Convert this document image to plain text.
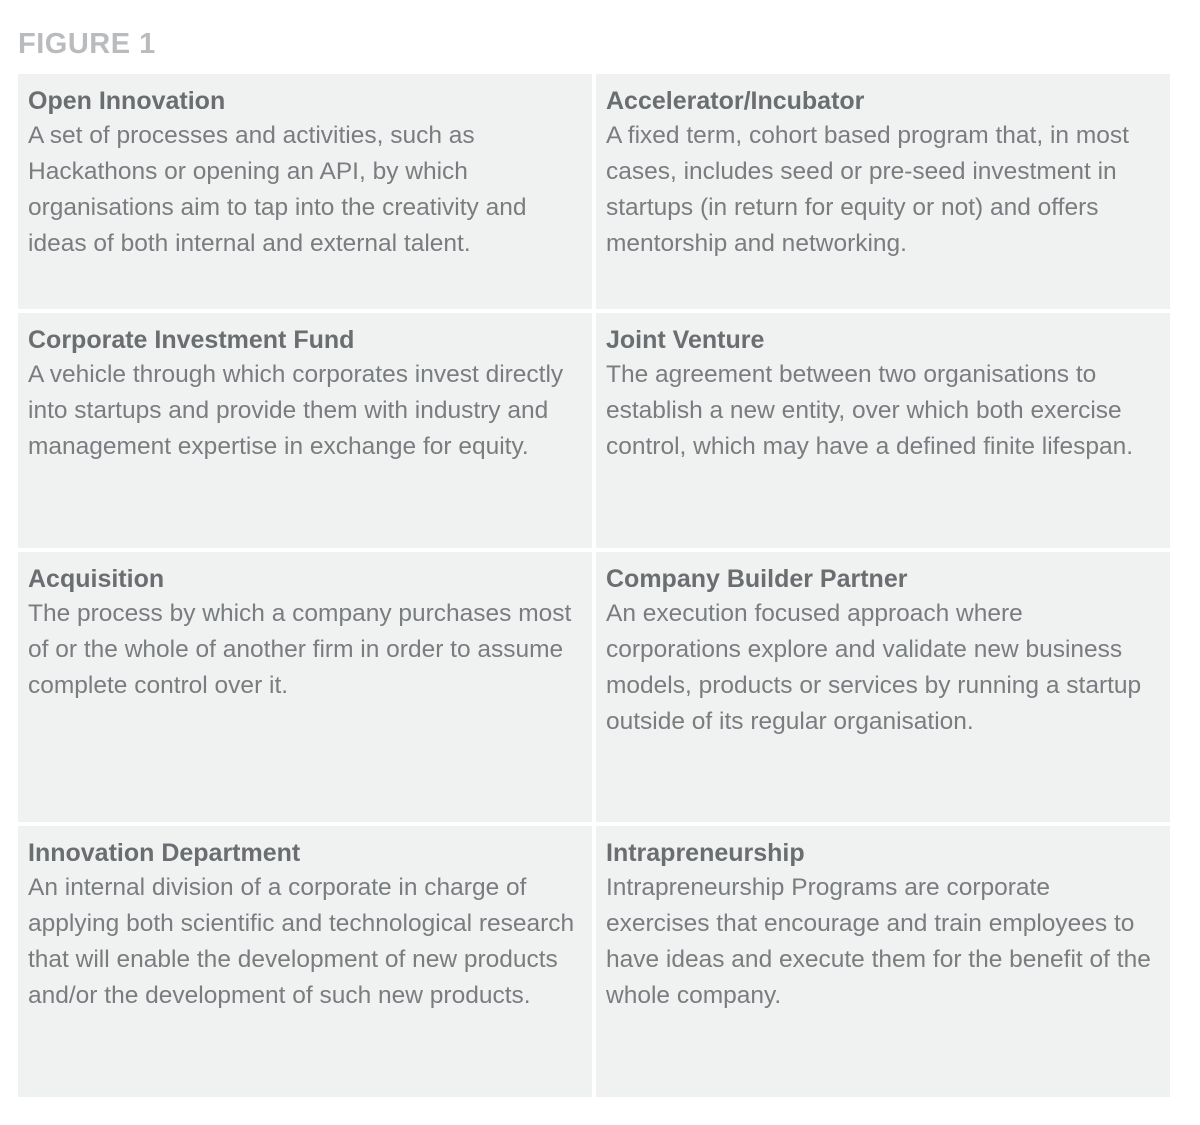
FIGURE 1
Open Innovation
A set of processes and activities, such as Hackathons or opening an API, by which organisations aim to tap into the creativity and ideas of both internal and external talent.
Accelerator/Incubator
A fixed term, cohort based program that, in most cases, includes seed or pre-seed investment in startups (in return for equity or not) and offers mentorship and networking.
Corporate Investment Fund
A vehicle through which corporates invest directly into startups and provide them with industry and management expertise in exchange for equity.
Joint Venture
The agreement between two organisations to establish a new entity, over which both exercise control, which may have a defined finite lifespan.
Acquisition
The process by which a company purchases most of or the whole of another firm in order to assume complete control over it.
Company Builder Partner
An execution focused approach where corporations explore and validate new business models, products or services by running a startup outside of its regular organisation.
Innovation Department
An internal division of a corporate in charge of applying both scientific and technological research that will enable the development of new products and/or the development of such new products.
Intrapreneurship
Intrapreneurship Programs are corporate exercises that encourage and train employees to have ideas and execute them for the benefit of the whole company.
